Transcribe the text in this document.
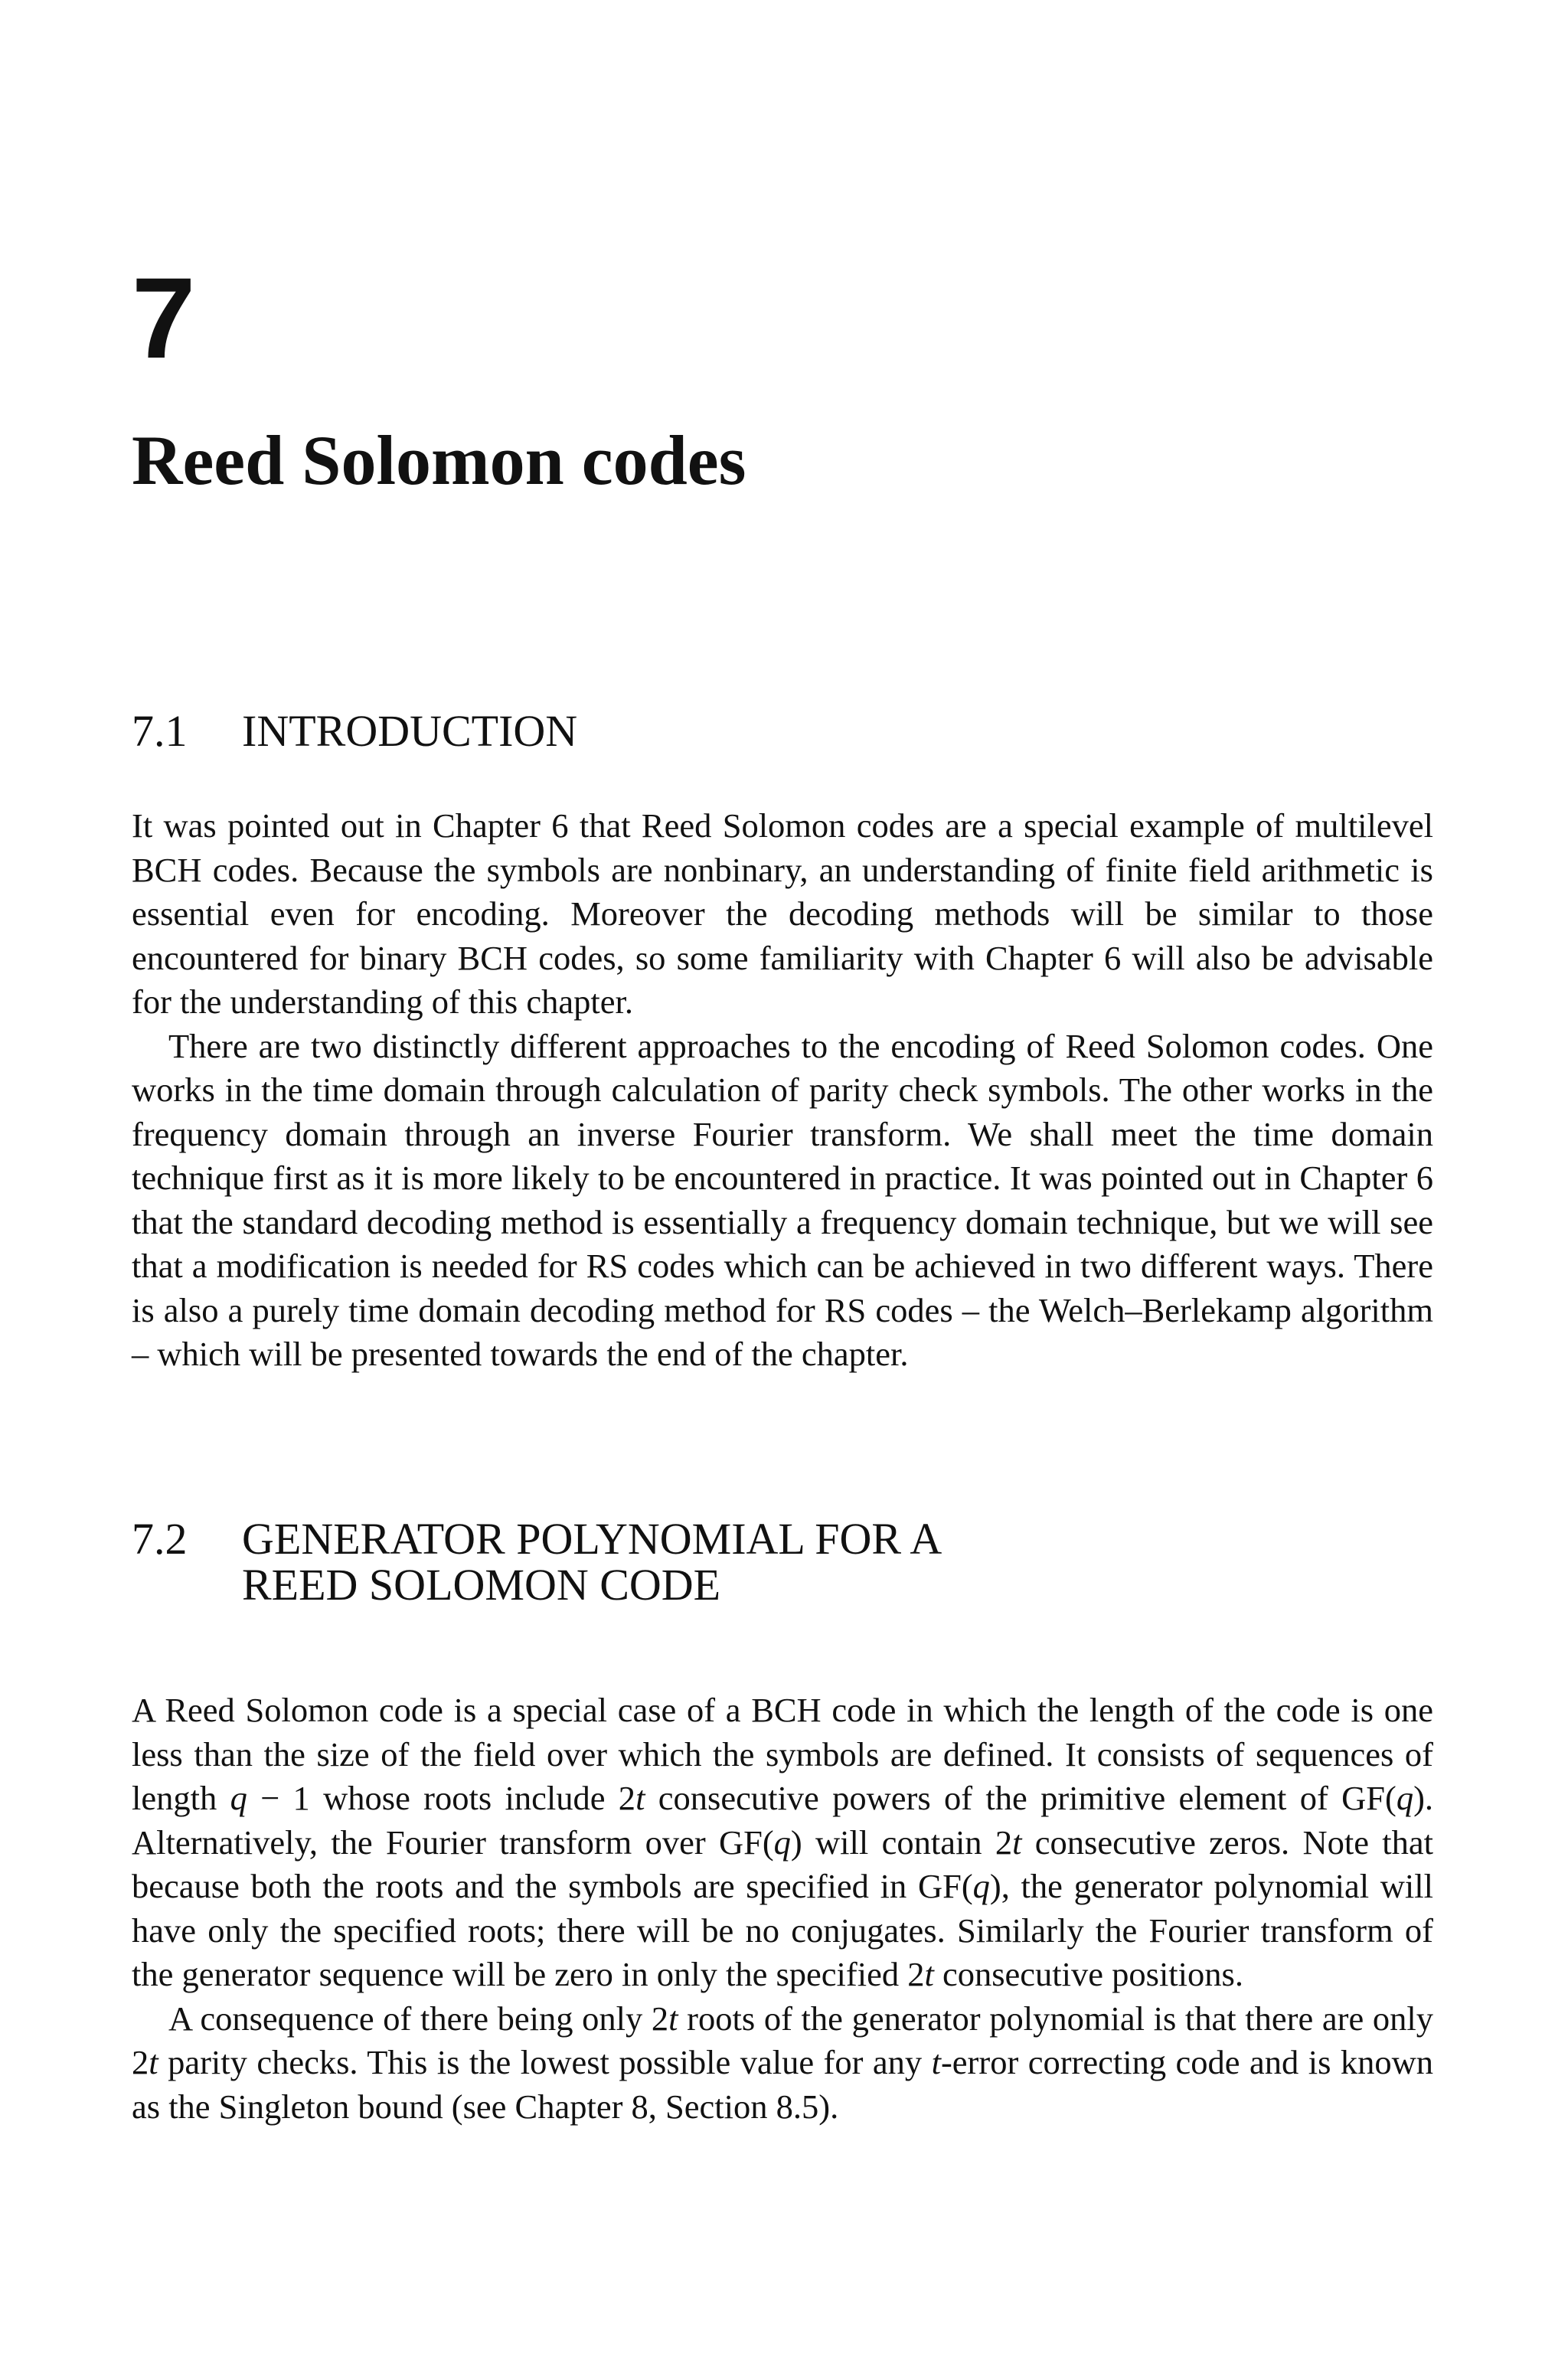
7
Reed Solomon codes
7.1 INTRODUCTION

It was pointed out in Chapter 6 that Reed Solomon codes are a special example of multilevel BCH codes. Because the symbols are nonbinary, an understanding of finite field arithmetic is essential even for encoding. Moreover the decoding methods will be similar to those encountered for binary BCH codes, so some familiarity with Chapter 6 will also be advisable for the understanding of this chapter.

There are two distinctly different approaches to the encoding of Reed Solomon codes. One works in the time domain through calculation of parity check symbols. The other works in the frequency domain through an inverse Fourier transform. We shall meet the time domain technique first as it is more likely to be encountered in practice. It was pointed out in Chapter 6 that the standard decoding method is essentially a frequency domain technique, but we will see that a modification is needed for RS codes which can be achieved in two different ways. There is also a purely time domain decoding method for RS codes – the Welch–Berlekamp algorithm – which will be presented towards the end of the chapter.

7.2 GENERATOR POLYNOMIAL FOR A
REED SOLOMON CODE

A Reed Solomon code is a special case of a BCH code in which the length of the code is one less than the size of the field over which the symbols are defined. It consists of sequences of length q − 1 whose roots include 2t consecutive powers of the primitive element of GF(q). Alternatively, the Fourier transform over GF(q) will contain 2t consecutive zeros. Note that because both the roots and the symbols are specified in GF(q), the generator polynomial will have only the specified roots; there will be no conjugates. Similarly the Fourier transform of the generator sequence will be zero in only the specified 2t consecutive positions.

A consequence of there being only 2t roots of the generator polynomial is that there are only 2t parity checks. This is the lowest possible value for any t-error correcting code and is known as the Singleton bound (see Chapter 8, Section 8.5).
